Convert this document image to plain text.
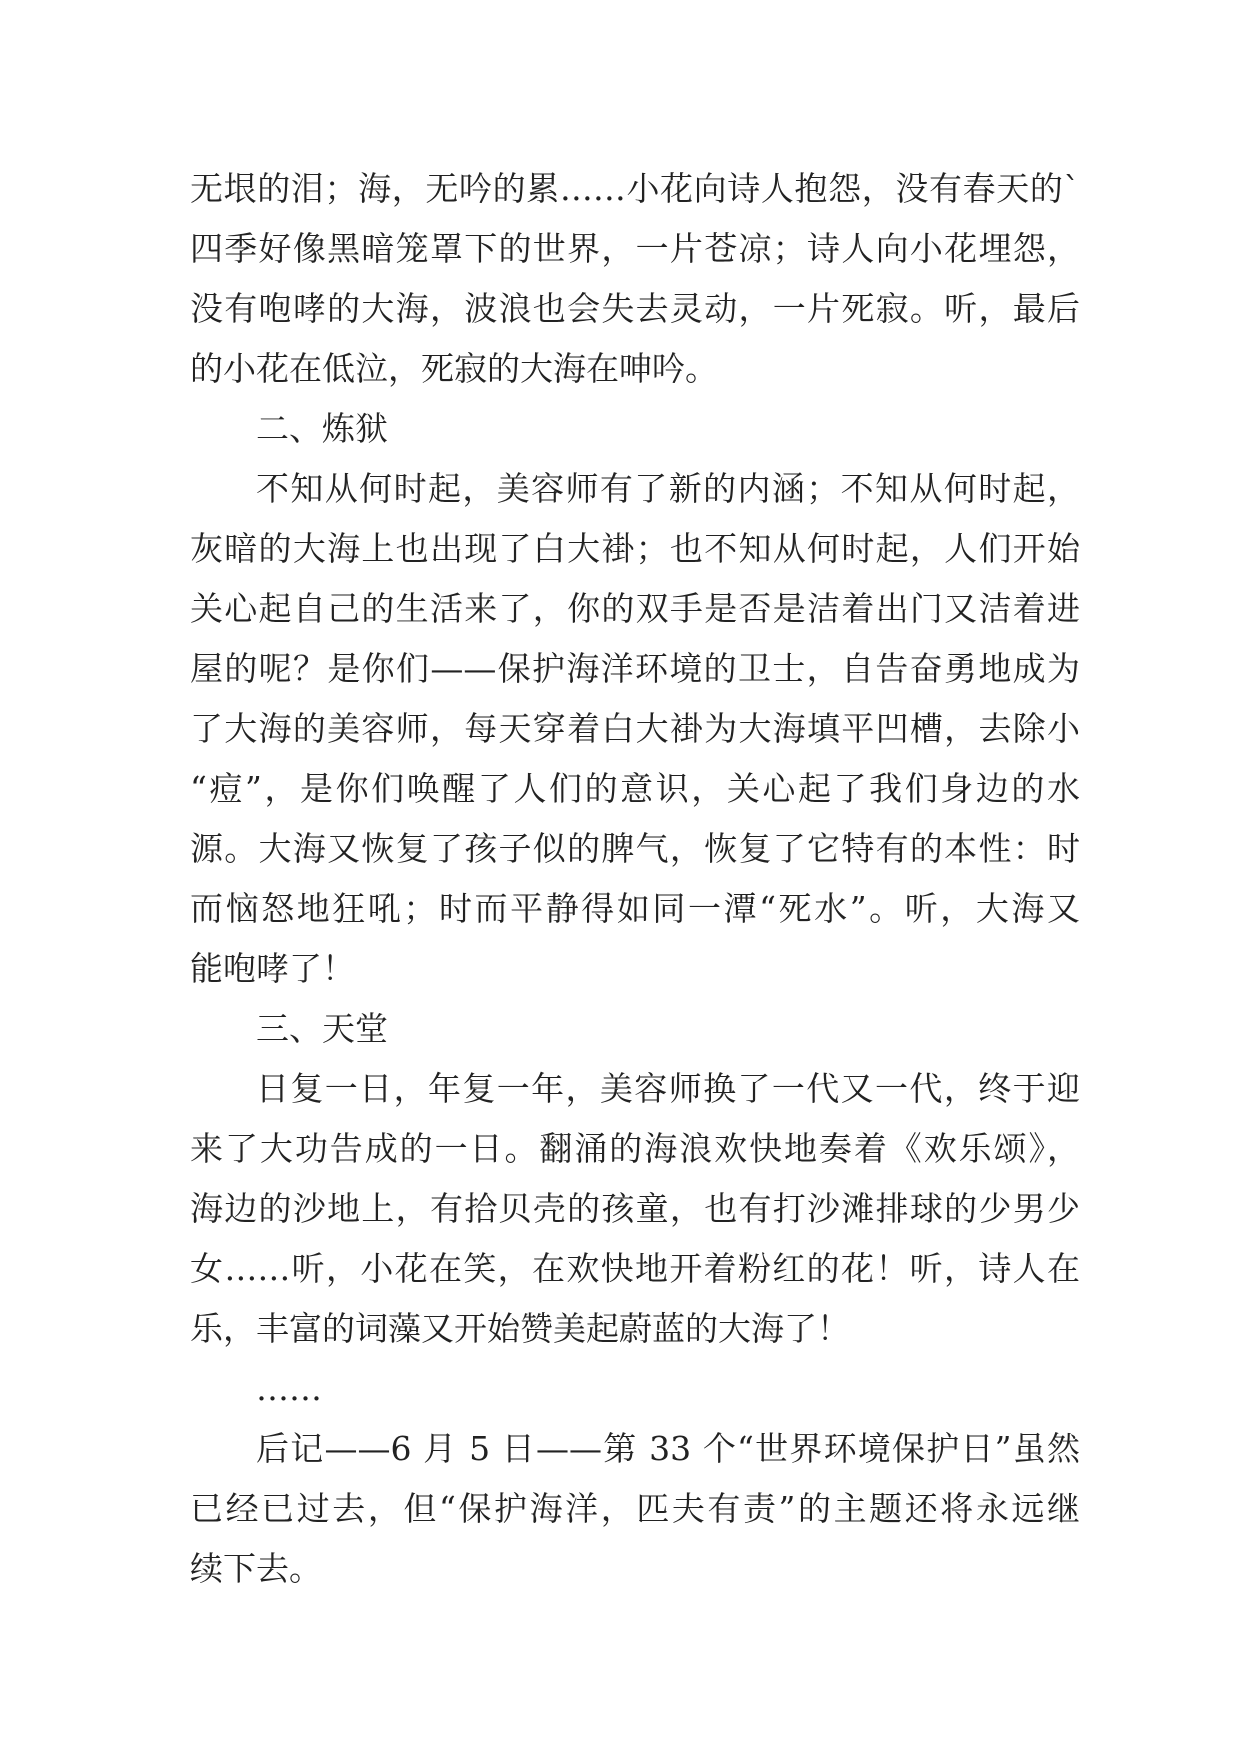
无垠的泪；海，无吟的累……小花向诗人抱怨，没有春天的`
四季好像黑暗笼罩下的世界，一片苍凉；诗人向小花埋怨，
没有咆哮的大海，波浪也会失去灵动，一片死寂。听，最后
的小花在低泣，死寂的大海在呻吟。
二、炼狱
不知从何时起，美容师有了新的内涵；不知从何时起，
灰暗的大海上也出现了白大褂；也不知从何时起，人们开始
关心起自己的生活来了，你的双手是否是洁着出门又洁着进
屋的呢？是你们——保护海洋环境的卫士，自告奋勇地成为
了大海的美容师，每天穿着白大褂为大海填平凹槽，去除小
“痘”，是你们唤醒了人们的意识，关心起了我们身边的水
源。大海又恢复了孩子似的脾气，恢复了它特有的本性：时
而恼怒地狂吼；时而平静得如同一潭“死水”。听，大海又
能咆哮了！
三、天堂
日复一日，年复一年，美容师换了一代又一代，终于迎
来了大功告成的一日。翻涌的海浪欢快地奏着《欢乐颂》，
海边的沙地上，有拾贝壳的孩童，也有打沙滩排球的少男少
女……听，小花在笑，在欢快地开着粉红的花！听，诗人在
乐，丰富的词藻又开始赞美起蔚蓝的大海了！
……
后记——6 月 5 日——第 33 个“世界环境保护日”虽然
已经已过去，但“保护海洋，匹夫有责”的主题还将永远继
续下去。
